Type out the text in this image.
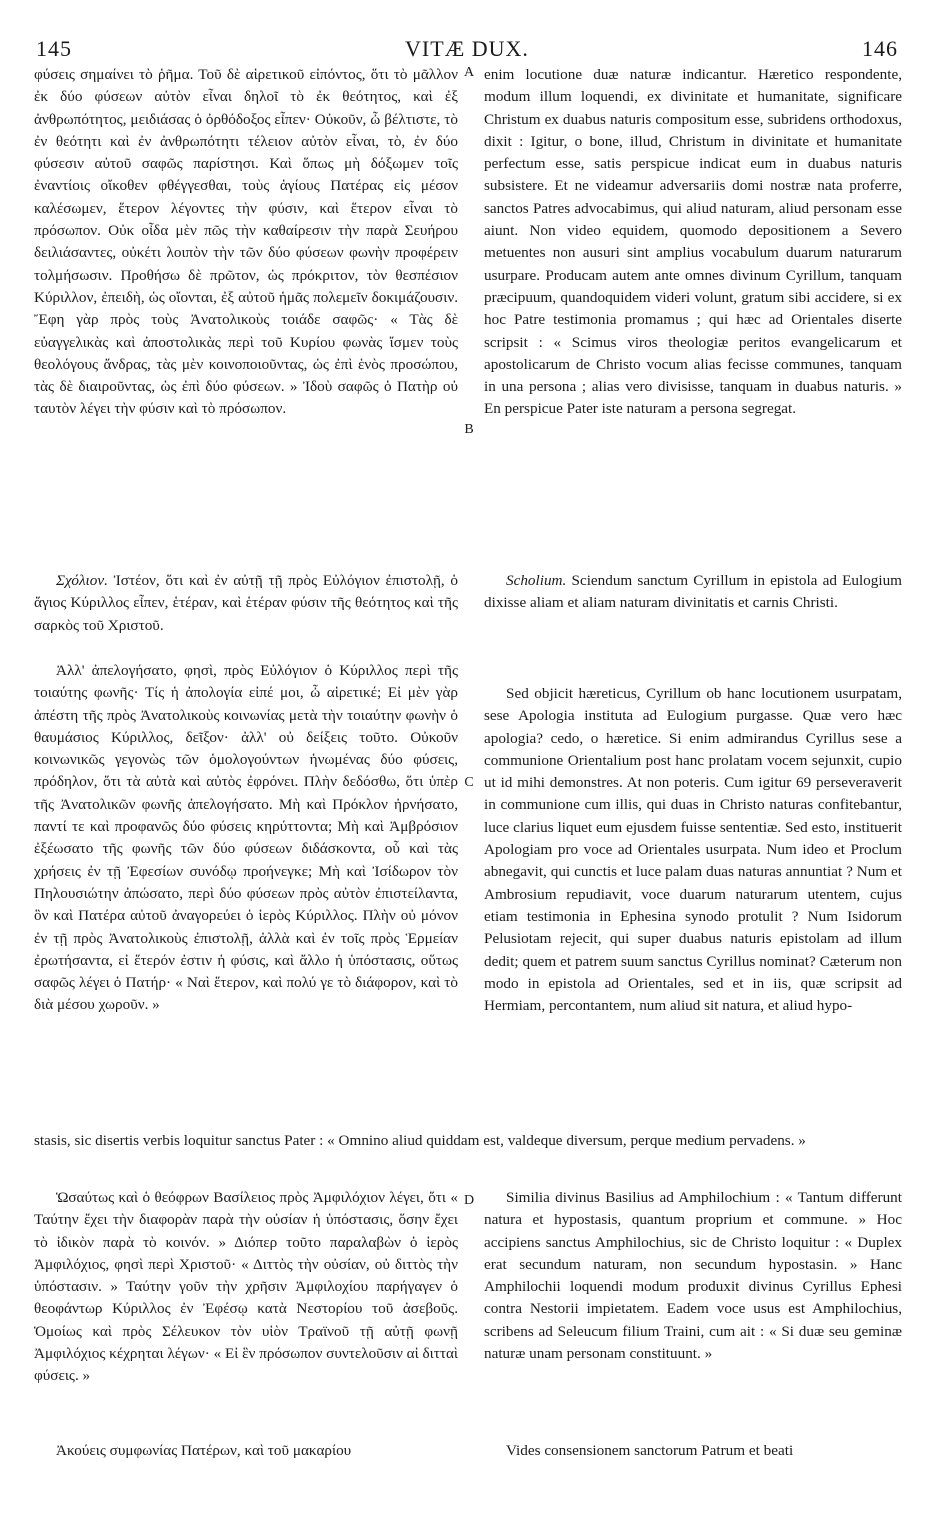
145	VITÆ DUX.	146
A
B
C
D

φύσεις σημαίνει τὸ ῥῆμα. Τοῦ δὲ αἱρετικοῦ εἰπόντος, ὅτι τὸ μᾶλλον ἐκ δύο φύσεων αὐτὸν εἶναι δηλοῖ τὸ ἐκ θεότητος, καὶ ἐξ ἀνθρωπότητος, μειδιάσας ὁ ὀρθόδοξος εἶπεν· Οὐκοῦν, ὦ βέλτιστε, τὸ ἐν θεότητι καὶ ἐν ἀνθρωπότητι τέλειον αὐτὸν εἶναι, τὸ, ἐν δύο φύσεσιν αὐτοῦ σαφῶς παρίστησι. Καὶ ὅπως μὴ δόξωμεν τοῖς ἐναντίοις οἴκοθεν φθέγγεσθαι, τοὺς ἁγίους Πατέρας εἰς μέσον καλέσωμεν, ἕτερον λέγοντες τὴν φύσιν, καὶ ἕτερον εἶναι τὸ πρόσωπον. Οὐκ οἶδα μὲν πῶς τὴν καθαίρεσιν τὴν παρὰ Σευήρου δειλιάσαντες, οὐκέτι λοιπὸν τὴν τῶν δύο φύσεων φωνὴν προφέρειν τολμήσωσιν. Προθήσω δὲ πρῶτον, ὡς πρόκριτον, τὸν θεσπέσιον Κύριλλον, ἐπειδὴ, ὡς οἴονται, ἐξ αὐτοῦ ἡμᾶς πολεμεῖν δοκιμάζουσιν. Ἔφη γὰρ πρὸς τοὺς Ἀνατολικοὺς τοιάδε σαφῶς· « Τὰς δὲ εὐαγγελικὰς καὶ ἀποστολικὰς περὶ τοῦ Κυρίου φωνὰς ἴσμεν τοὺς θεολόγους ἄνδρας, τὰς μὲν κοινοποιοῦντας, ὡς ἐπὶ ἑνὸς προσώπου, τὰς δὲ διαιροῦντας, ὡς ἐπὶ δύο φύσεων. » Ἰδοὺ σαφῶς ὁ Πατὴρ οὐ ταυτὸν λέγει τὴν φύσιν καὶ τὸ πρόσωπον.

Σχόλιον. Ἰστέον, ὅτι καὶ ἐν αὐτῇ τῇ πρὸς Εὐλόγιον ἐπιστολῇ, ὁ ἅγιος Κύριλλος εἶπεν, ἑτέραν, καὶ ἑτέραν φύσιν τῆς θεότητος καὶ τῆς σαρκὸς τοῦ Χριστοῦ.

Ἀλλ' ἀπελογήσατο, φησὶ, πρὸς Εὐλόγιον ὁ Κύριλλος περὶ τῆς τοιαύτης φωνῆς· Τίς ἡ ἀπολογία εἰπέ μοι, ὦ αἱρετικέ; Εἰ μὲν γὰρ ἀπέστη τῆς πρὸς Ἀνατολικοὺς κοινωνίας μετὰ τὴν τοιαύτην φωνὴν ὁ θαυμάσιος Κύριλλος, δεῖξον· ἀλλ' οὐ δείξεις τοῦτο. Οὐκοῦν κοινωνικῶς γεγονὼς τῶν ὁμολογούντων ἡνωμένας δύο φύσεις, πρόδηλον, ὅτι τὰ αὐτὰ καὶ αὐτὸς ἐφρόνει. Πλὴν δεδόσθω, ὅτι ὑπὲρ τῆς Ἀνατολικῶν φωνῆς ἀπελογήσατο. Μὴ καὶ Πρόκλον ἠρνήσατο, παντί τε καὶ προφανῶς δύο φύσεις κηρύττοντα; Μὴ καὶ Ἀμβρόσιον ἐξέωσατο τῆς φωνῆς τῶν δύο φύσεων διδάσκοντα, οὗ καὶ τὰς χρήσεις ἐν τῇ Ἐφεσίων συνόδῳ προήνεγκε; Μὴ καὶ Ἰσίδωρον τὸν Πηλουσιώτην ἀπώσατο, περὶ δύο φύσεων πρὸς αὐτὸν ἐπιστείλαντα, ὃν καὶ Πατέρα αὐτοῦ ἀναγορεύει ὁ ἱερὸς Κύριλλος. Πλὴν οὐ μόνον ἐν τῇ πρὸς Ἀνατολικοὺς ἐπιστολῇ, ἀλλὰ καὶ ἐν τοῖς πρὸς Ἑρμείαν ἐρωτήσαντα, εἰ ἕτερόν ἐστιν ἡ φύσις, καὶ ἄλλο ἡ ὑπόστασις, οὕτως σαφῶς λέγει ὁ Πατήρ· « Ναὶ ἕτερον, καὶ πολύ γε τὸ διάφορον, καὶ τὸ διὰ μέσου χωροῦν. »

enim locutione duæ naturæ indicantur. Hæretico respondente, modum illum loquendi, ex divinitate et humanitate, significare Christum ex duabus naturis compositum esse, subridens orthodoxus, dixit : Igitur, o bone, illud, Christum in divinitate et humanitate perfectum esse, satis perspicue indicat eum in duabus naturis subsistere. Et ne videamur adversariis domi nostræ nata proferre, sanctos Patres advocabimus, qui aliud naturam, aliud personam esse aiunt. Non video equidem, quomodo depositionem a Severo metuentes non ausuri sint amplius vocabulum duarum naturarum usurpare. Producam autem ante omnes divinum Cyrillum, tanquam præcipuum, quandoquidem videri volunt, gratum sibi accidere, si ex hoc Patre testimonia promamus ; qui hæc ad Orientales diserte scripsit : « Scimus viros theologiæ peritos evangelicarum et apostolicarum de Christo vocum alias fecisse communes, tanquam in una persona ; alias vero divisisse, tanquam in duabus naturis. » En perspicue Pater iste naturam a persona segregat.

Scholium. Sciendum sanctum Cyrillum in epistola ad Eulogium dixisse aliam et aliam naturam divinitatis et carnis Christi.

Sed objicit hæreticus, Cyrillum ob hanc locutionem usurpatam, sese Apologia instituta ad Eulogium purgasse. Quæ vero hæc apologia? cedo, o hæretice. Si enim admirandus Cyrillus sese a communione Orientalium post hanc prolatam vocem sejunxit, cupio ut id mihi demonstres. At non poteris. Cum igitur 69 perseveraverit in communione cum illis, qui duas in Christo naturas confitebantur, luce clarius liquet eum ejusdem fuisse sententiæ. Sed esto, instituerit Apologiam pro voce ad Orientales usurpata. Num ideo et Proclum abnegavit, qui cunctis et luce palam duas naturas annuntiat ? Num et Ambrosium repudiavit, voce duarum naturarum utentem, cujus etiam testimonia in Ephesina synodo protulit ? Num Isidorum Pelusiotam rejecit, qui super duabus naturis epistolam ad illum dedit; quem et patrem suum sanctus Cyrillus nominat? Cæterum non modo in epistola ad Orientales, sed et in iis, quæ scripsit ad Hermiam, percontantem, num aliud sit natura, et aliud hypo-

stasis, sic disertis verbis loquitur sanctus Pater : « Omnino aliud quiddam est, valdeque diversum, perque medium pervadens. »

Ὡσαύτως καὶ ὁ θεόφρων Βασίλειος πρὸς Ἀμφιλόχιον λέγει, ὅτι « Ταύτην ἔχει τὴν διαφορὰν παρὰ τὴν οὐσίαν ἡ ὑπόστασις, ὅσην ἔχει τὸ ἰδικὸν παρὰ τὸ κοινόν. » Διόπερ τοῦτο παραλαβὼν ὁ ἱερὸς Ἀμφιλόχιος, φησὶ περὶ Χριστοῦ· « Διττὸς τὴν οὐσίαν, οὐ διττὸς τὴν ὑπόστασιν. » Ταύτην γοῦν τὴν χρῆσιν Ἀμφιλοχίου παρήγαγεν ὁ θεοφάντωρ Κύριλλος ἐν Ἐφέσῳ κατὰ Νεστορίου τοῦ ἀσεβοῦς. Ὁμοίως καὶ πρὸς Σέλευκον τὸν υἱὸν Τραϊνοῦ τῇ αὐτῇ φωνῇ Ἀμφιλόχιος κέχρηται λέγων· « Εἰ ἓν πρόσωπον συντελοῦσιν αἱ διτταὶ φύσεις. »

Ἀκούεις συμφωνίας Πατέρων, καὶ τοῦ μακαρίου

Similia divinus Basilius ad Amphilochium : « Tantum differunt natura et hypostasis, quantum proprium et commune. » Hoc accipiens sanctus Amphilochius, sic de Christo loquitur : « Duplex erat secundum naturam, non secundum hypostasin. » Hanc Amphilochii loquendi modum produxit divinus Cyrillus Ephesi contra Nestorii impietatem. Eadem voce usus est Amphilochius, scribens ad Seleucum filium Traini, cum ait : « Si duæ seu geminæ naturæ unam personam constituunt. »

Vides consensionem sanctorum Patrum et beati
